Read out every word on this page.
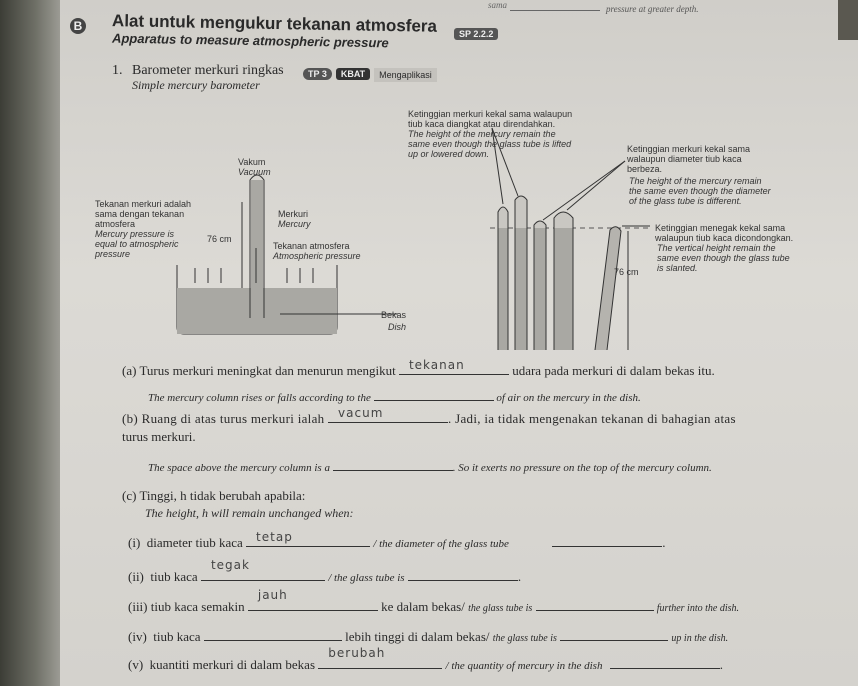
sama	pressure at greater depth.
B Alat untuk mengukur tekanan atmosfera	SP 2.2.2
Apparatus to measure atmospheric pressure
1. Barometer merkuri ringkas
Simple mercury barometer
TP 3 KBAT Mengaplikasi
Vakum
Vacuum
Merkuri
Mercury
Tekanan merkuri adalah
sama dengan tekanan
atmosfera
Mercury pressure is
equal to atmospheric
pressure
76 cm
Tekanan atmosfera
Atmospheric pressure
Bekas
Dish
76 cm
Ketinggian merkuri kekal sama walaupun
tiub kaca diangkat atau direndahkan.
The height of the mercury remain the
same even though the glass tube is lifted
up or lowered down.	Ketinggian merkuri kekal sama
walaupun diameter tiub kaca
berbeza.
The height of the mercury remain
the same even though the diameter
of the glass tube is different.
Ketinggian menegak kekal sama
walaupun tiub kaca dicondongkan.
The vertical height remain the
same even though the glass tube
is slanted.
(a) Turus merkuri meningkat dan menurun mengikut tekanan	udara pada merkuri di dalam bekas itu.
The mercury column rises or falls according to the	of air on the mercury in the dish.
(b) Ruang di atas turus merkuri ialah vacum	. Jadi, ia tidak mengenakan tekanan di bahagian atas
turus merkuri.
The space above the mercury column is a	. So it exerts no pressure on the top of the mercury column.
(c) Tinggi, h tidak berubah apabila:
The height, h will remain unchanged when:
(i) diameter tiub kaca tetap	/ the diameter of the glass tube	.
(ii) tiub kaca
tegak
/ the glass tube is	.
(iii) tiub kaca semakin
jauh
ke dalam bekas/ the glass tube is	further into the dish.
(iv) tiub kaca	lebih tinggi di dalam bekas/ the glass tube is	up in the dish.
(v) kuantiti merkuri di dalam bekas
berubah
/ the quantity of mercury in the dish	.
